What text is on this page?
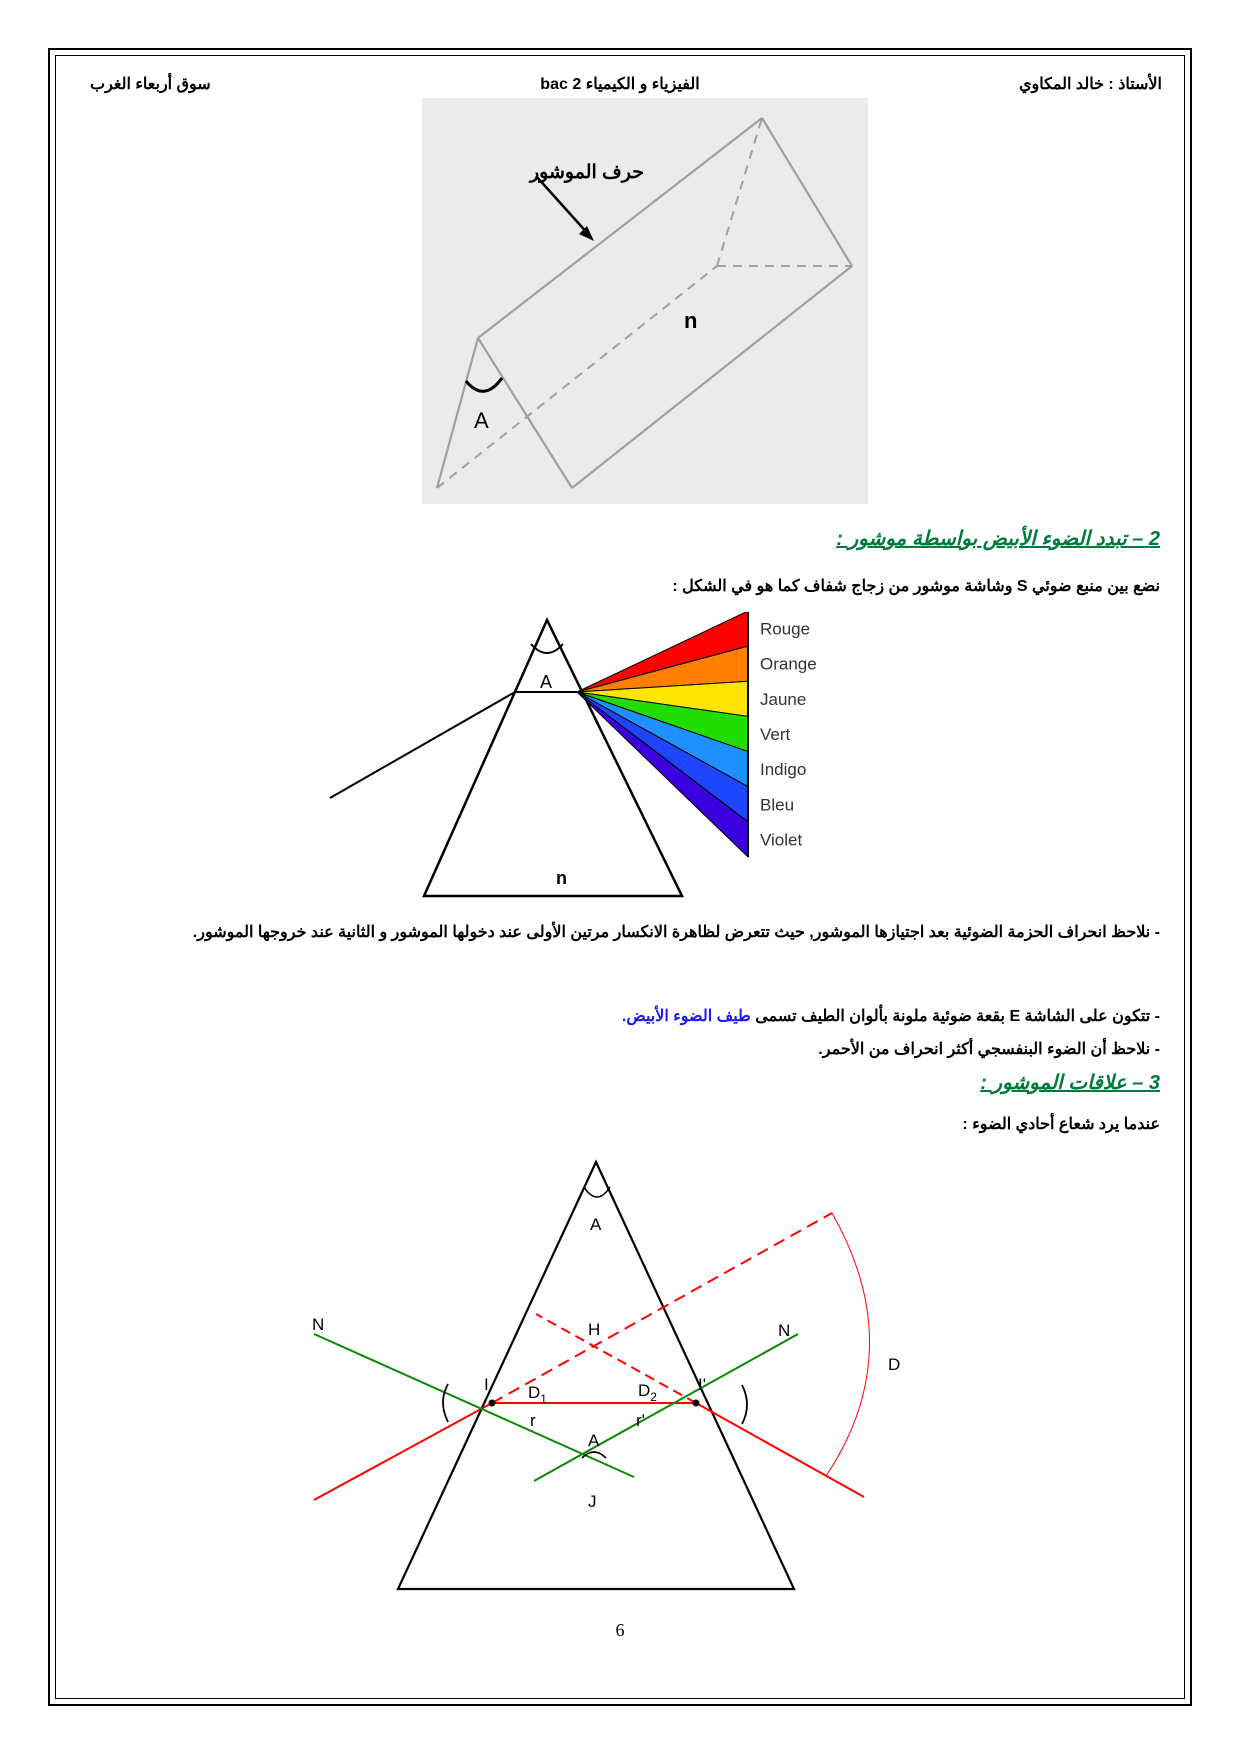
الأستاذ : خالد المكاوي
الفيزياء و الكيمياء 2 bac
سوق أربعاء الغرب
A
n
حرف الموشور
2 – تبدد الضوء الأبيض بواسطة موشور :
نضع بين منبع ضوئي S وشاشة موشور من زجاج شفاف كما هو في الشكل :
A
n
Rouge
Orange
Jaune
Vert
Indigo
Bleu
Violet
- نلاحظ انحراف الحزمة الضوئية بعد اجتيازها الموشور, حيث تتعرض لظاهرة الانكسار مرتين الأولى عند دخولها الموشور و الثانية عند خروجها الموشور.
- تتكون على الشاشة E بقعة ضوئية ملونة بألوان الطيف تسمى طيف الضوء الأبيض.
- نلاحظ أن الضوء البنفسجي أكثر انحراف من الأحمر.
3 – علاقات الموشور :
عندما يرد شعاع أحادي الضوء :
A
N	N
H
I	I'
$D_1$	$D_2$
r	r'
A
J
D
6
